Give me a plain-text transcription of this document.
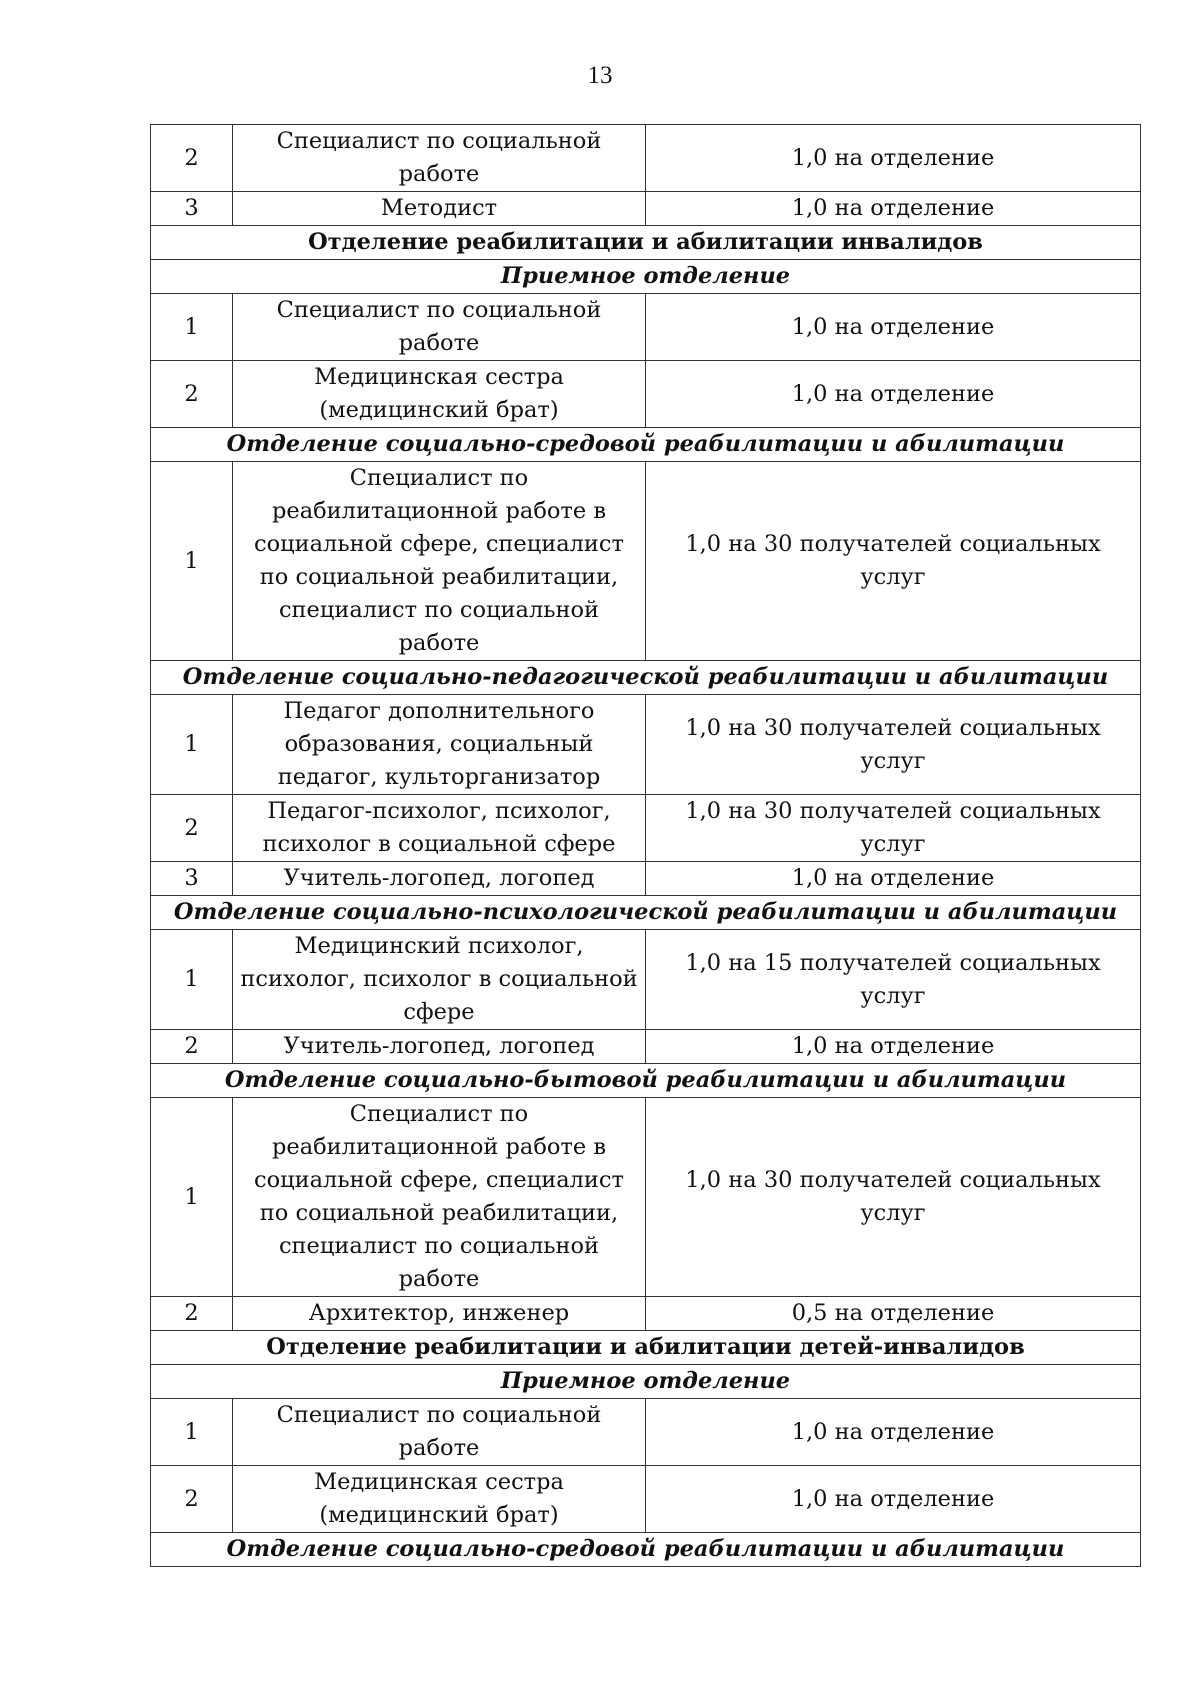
13
2	Специалист по социальной работе	1,0 на отделение
3	Методист	1,0 на отделение
Отделение реабилитации и абилитации инвалидов		
Приемное отделение		
1	Специалист по социальной работе	1,0 на отделение
2	Медицинская сестра (медицинский брат)	1,0 на отделение
Отделение социально-средовой реабилитации и абилитации		
1	Специалист по реабилитационной работе в социальной сфере, специалист по социальной реабилитации, специалист по социальной работе	1,0 на 30 получателей социальных услуг
Отделение социально-педагогической реабилитации и абилитации		
1	Педагог дополнительного образования, социальный педагог, культорганизатор	1,0 на 30 получателей социальных услуг
2	Педагог-психолог, психолог, психолог в социальной сфере	1,0 на 30 получателей социальных услуг
3	Учитель-логопед, логопед	1,0 на отделение
Отделение социально-психологической реабилитации и абилитации		
1	Медицинский психолог, психолог, психолог в социальной сфере	1,0 на 15 получателей социальных услуг
2	Учитель-логопед, логопед	1,0 на отделение
Отделение социально-бытовой реабилитации и абилитации		
1	Специалист по реабилитационной работе в социальной сфере, специалист по социальной реабилитации, специалист по социальной работе	1,0 на 30 получателей социальных услуг
2	Архитектор, инженер	0,5 на отделение
Отделение реабилитации и абилитации детей-инвалидов		
Приемное отделение		
1	Специалист по социальной работе	1,0 на отделение
2	Медицинская сестра (медицинский брат)	1,0 на отделение
Отделение социально-средовой реабилитации и абилитации		
